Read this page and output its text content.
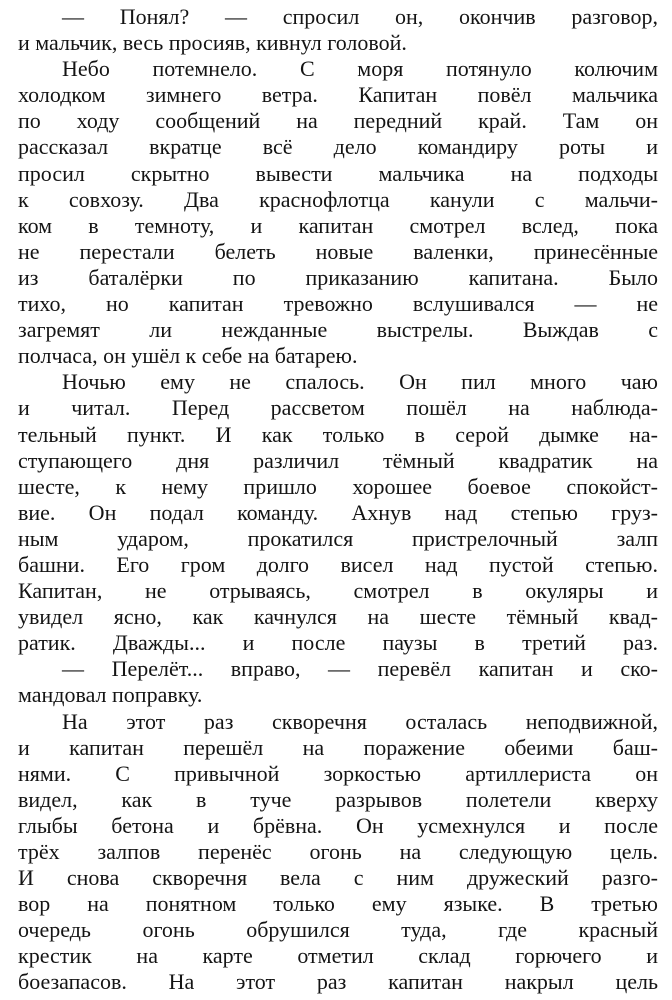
— Понял? — спросил он, окончив разговор,
и мальчик, весь просияв, кивнул головой.
Небо потемнело. С моря потянуло колючим
холодком зимнего ветра. Капитан повёл мальчика
по ходу сообщений на передний край. Там он
рассказал вкратце всё дело командиру роты и
просил скрытно вывести мальчика на подходы
к совхозу. Два краснофлотца канули с мальчи-
ком в темноту, и капитан смотрел вслед, пока
не перестали белеть новые валенки, принесённые
из баталёрки по приказанию капитана. Было
тихо, но капитан тревожно вслушивался — не
загремят ли нежданные выстрелы. Выждав с
полчаса, он ушёл к себе на батарею.
Ночью ему не спалось. Он пил много чаю
и читал. Перед рассветом пошёл на наблюда-
тельный пункт. И как только в серой дымке на-
ступающего дня различил тёмный квадратик на
шесте, к нему пришло хорошее боевое спокойст-
вие. Он подал команду. Ахнув над степью груз-
ным ударом, прокатился пристрелочный залп
башни. Его гром долго висел над пустой степью.
Капитан, не отрываясь, смотрел в окуляры и
увидел ясно, как качнулся на шесте тёмный квад-
ратик. Дважды... и после паузы в третий раз.
— Перелёт... вправо, — перевёл капитан и ско-
мандовал поправку.
На этот раз скворечня осталась неподвижной,
и капитан перешёл на поражение обеими баш-
нями. С привычной зоркостью артиллериста он
видел, как в туче разрывов полетели кверху
глыбы бетона и брёвна. Он усмехнулся и после
трёх залпов перенёс огонь на следующую цель.
И снова скворечня вела с ним дружеский разго-
вор на понятном только ему языке. В третью
очередь огонь обрушился туда, где красный
крестик на карте отметил склад горючего и
боезапасов. На этот раз капитан накрыл цель
